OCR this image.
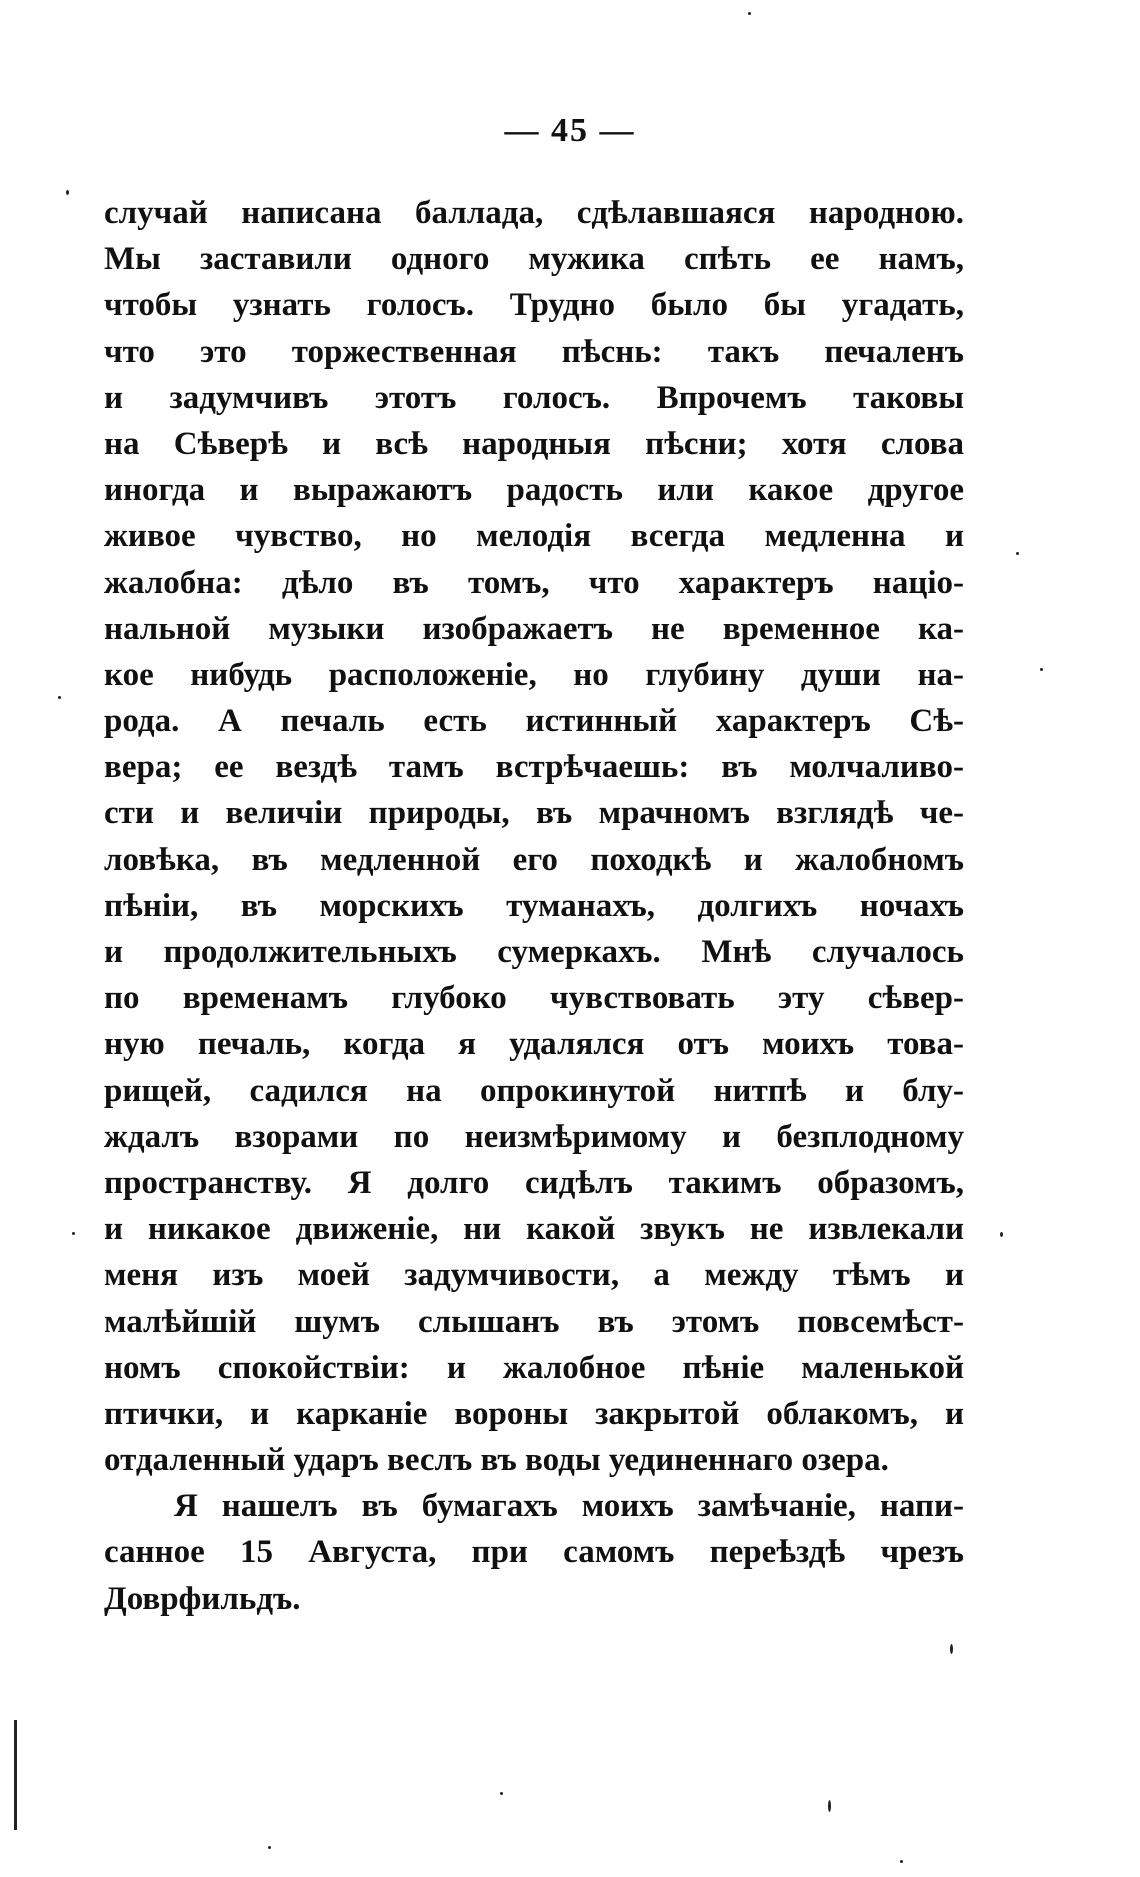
— 45 —
случай написана баллада, сдѣлавшаяся народною.
Мы заставили одного мужика спѣть ее намъ,
чтобы узнать голосъ. Трудно было бы угадать,
что это торжественная пѣснь: такъ печаленъ
и задумчивъ этотъ голосъ. Впрочемъ таковы
на Сѣверѣ и всѣ народныя пѣсни; хотя слова
иногда и выражаютъ радость или какое другое
живое чувство, но мелодія всегда медленна и
жалобна: дѣло въ томъ, что характеръ націо-
нальной музыки изображаетъ не временное ка-
кое нибудь расположеніе, но глубину души на-
рода. А печаль есть истинный характеръ Сѣ-
вера; ее вездѣ тамъ встрѣчаешь: въ молчаливо-
сти и величіи природы, въ мрачномъ взглядѣ че-
ловѣка, въ медленной его походкѣ и жалобномъ
пѣніи, въ морскихъ туманахъ, долгихъ ночахъ
и продолжительныхъ сумеркахъ. Мнѣ случалось
по временамъ глубоко чувствовать эту сѣвер-
ную печаль, когда я удалялся отъ моихъ това-
рищей, садился на опрокинутой нитпѣ и блу-
ждалъ взорами по неизмѣримому и безплодному
пространству. Я долго сидѣлъ такимъ образомъ,
и никакое движеніе, ни какой звукъ не извлекали
меня изъ моей задумчивости, а между тѣмъ и
малѣйшій шумъ слышанъ въ этомъ повсемѣст-
номъ спокойствіи: и жалобное пѣніе маленькой
птички, и карканіе вороны закрытой облакомъ, и
отдаленный ударъ веслъ въ воды уединеннаго озера.
Я нашелъ въ бумагахъ моихъ замѣчаніе, напи-
санное 15 Августа, при самомъ переѣздѣ чрезъ
Доврфильдъ.
